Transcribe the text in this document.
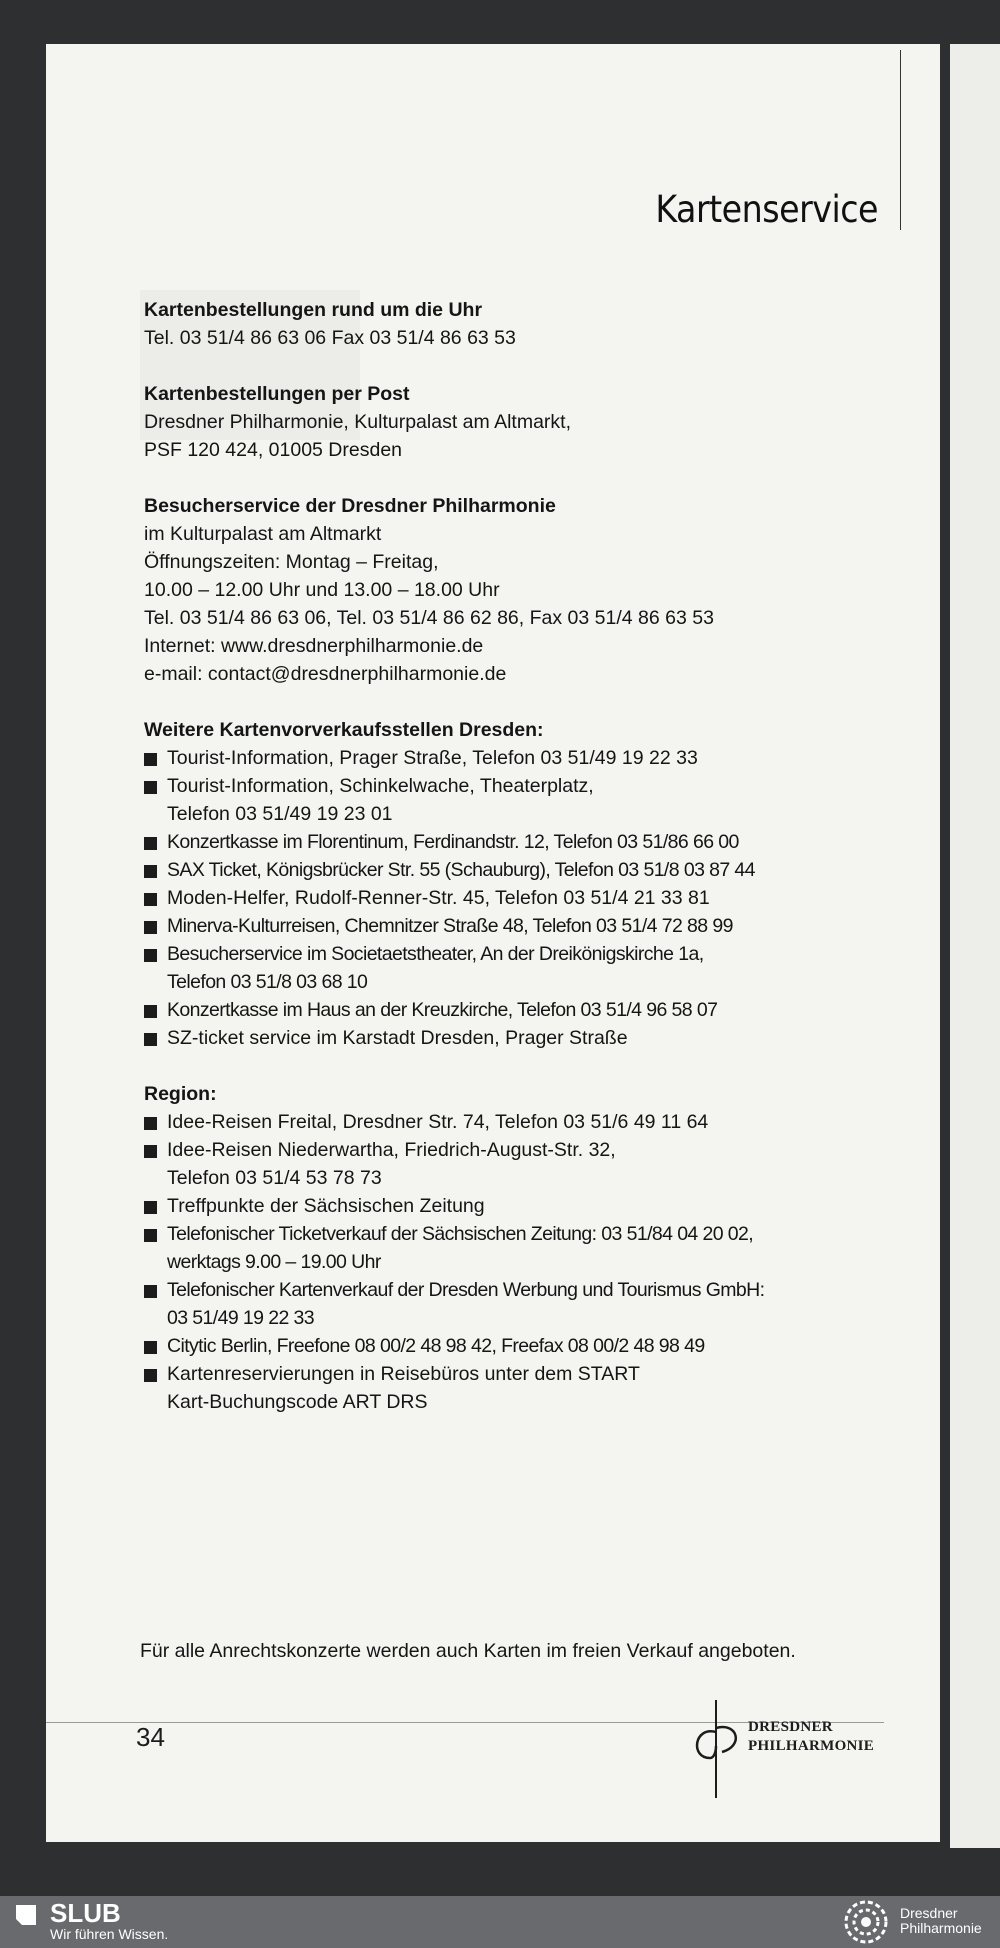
Kartenservice
Kartenbestellungen rund um die Uhr
Tel. 03 51/4 86 63 06 Fax 03 51/4 86 63 53
Kartenbestellungen per Post
Dresdner Philharmonie, Kulturpalast am Altmarkt,
PSF 120 424, 01005 Dresden
Besucherservice der Dresdner Philharmonie
im Kulturpalast am Altmarkt
Öffnungszeiten: Montag – Freitag,
10.00 – 12.00 Uhr und 13.00 – 18.00 Uhr
Tel. 03 51/4 86 63 06, Tel. 03 51/4 86 62 86, Fax 03 51/4 86 63 53
Internet: www.dresdnerphilharmonie.de
e-mail: contact@dresdnerphilharmonie.de
Weitere Kartenvorverkaufsstellen Dresden:
Tourist-Information, Prager Straße, Telefon 03 51/49 19 22 33
Tourist-Information, Schinkelwache, Theaterplatz,
Telefon 03 51/49 19 23 01
Konzertkasse im Florentinum, Ferdinandstr. 12, Telefon 03 51/86 66 00
SAX Ticket, Königsbrücker Str. 55 (Schauburg), Telefon 03 51/8 03 87 44
Moden-Helfer, Rudolf-Renner-Str. 45, Telefon 03 51/4 21 33 81
Minerva-Kulturreisen, Chemnitzer Straße 48, Telefon 03 51/4 72 88 99
Besucherservice im Societaetstheater, An der Dreikönigskirche 1a,
Telefon 03 51/8 03 68 10
Konzertkasse im Haus an der Kreuzkirche, Telefon 03 51/4 96 58 07
SZ-ticket service im Karstadt Dresden, Prager Straße
Region:
Idee-Reisen Freital, Dresdner Str. 74, Telefon 03 51/6 49 11 64
Idee-Reisen Niederwartha, Friedrich-August-Str. 32,
Telefon 03 51/4 53 78 73
Treffpunkte der Sächsischen Zeitung
Telefonischer Ticketverkauf der Sächsischen Zeitung: 03 51/84 04 20 02,
werktags 9.00 – 19.00 Uhr
Telefonischer Kartenverkauf der Dresden Werbung und Tourismus GmbH:
03 51/49 19 22 33
Citytic Berlin, Freefone 08 00/2 48 98 42, Freefax 08 00/2 48 98 49
Kartenreservierungen in Reisebüros unter dem START
Kart-Buchungscode ART DRS
Für alle Anrechtskonzerte werden auch Karten im freien Verkauf angeboten.
34	DRESDNER
PHILHARMONIE
SLUB
Wir führen Wissen.
Dresdner
Philharmonie
